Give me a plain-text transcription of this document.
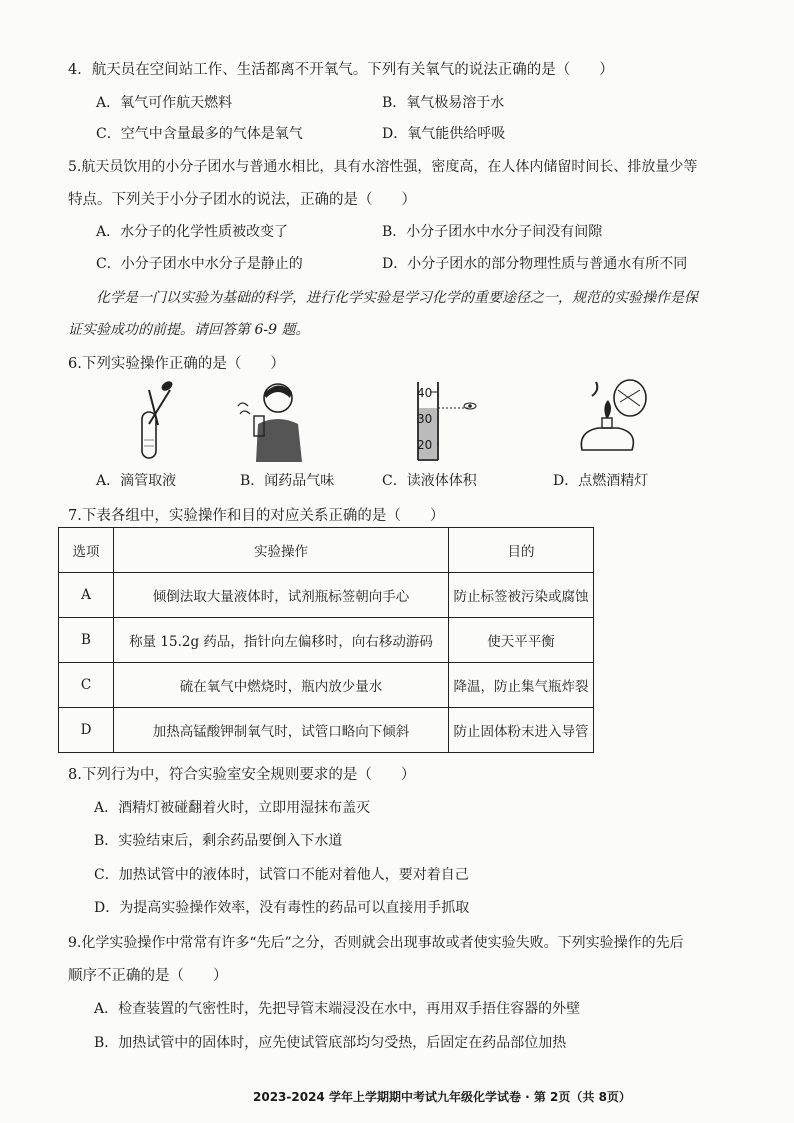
4．航天员在空间站工作、生活都离不开氧气。下列有关氧气的说法正确的是（　　）
A．氧气可作航天燃料	B．氧气极易溶于水
C．空气中含量最多的气体是氧气	D．氧气能供给呼吸
5.航天员饮用的小分子团水与普通水相比，具有水溶性强，密度高，在人体内储留时间长、排放量少等
特点。下列关于小分子团水的说法，正确的是（　　）
A．水分子的化学性质被改变了	B．小分子团水中水分子间没有间隙
C．小分子团水中水分子是静止的	D．小分子团水的部分物理性质与普通水有所不同
化学是一门以实验为基础的科学，进行化学实验是学习化学的重要途径之一，规范的实验操作是保
证实验成功的前提。请回答第 6-9 题。
6.下列实验操作正确的是（　　）
40
30
20
A．滴管取液	B．闻药品气味	C．读液体体积	D．点燃酒精灯
7.下表各组中，实验操作和目的对应关系正确的是（　　）
选项	实验操作	目的
A	倾倒法取大量液体时，试剂瓶标签朝向手心	防止标签被污染或腐蚀
B	称量 15.2g 药品，指针向左偏移时，向右移动游码	使天平平衡
C	硫在氧气中燃烧时，瓶内放少量水	降温，防止集气瓶炸裂
D	加热高锰酸钾制氧气时，试管口略向下倾斜	防止固体粉末进入导管
8.下列行为中，符合实验室安全规则要求的是（　　）
A．酒精灯被碰翻着火时，立即用湿抹布盖灭
B．实验结束后，剩余药品要倒入下水道
C．加热试管中的液体时，试管口不能对着他人，要对着自己
D．为提高实验操作效率，没有毒性的药品可以直接用手抓取
9.化学实验操作中常常有许多“先后”之分，否则就会出现事故或者使实验失败。下列实验操作的先后
顺序不正确的是（　　）
A．检查装置的气密性时，先把导管末端浸没在水中，再用双手捂住容器的外壁
B．加热试管中的固体时，应先使试管底部均匀受热，后固定在药品部位加热
2023-2024 学年上学期期中考试九年级化学试卷 · 第 2页（共 8页）
